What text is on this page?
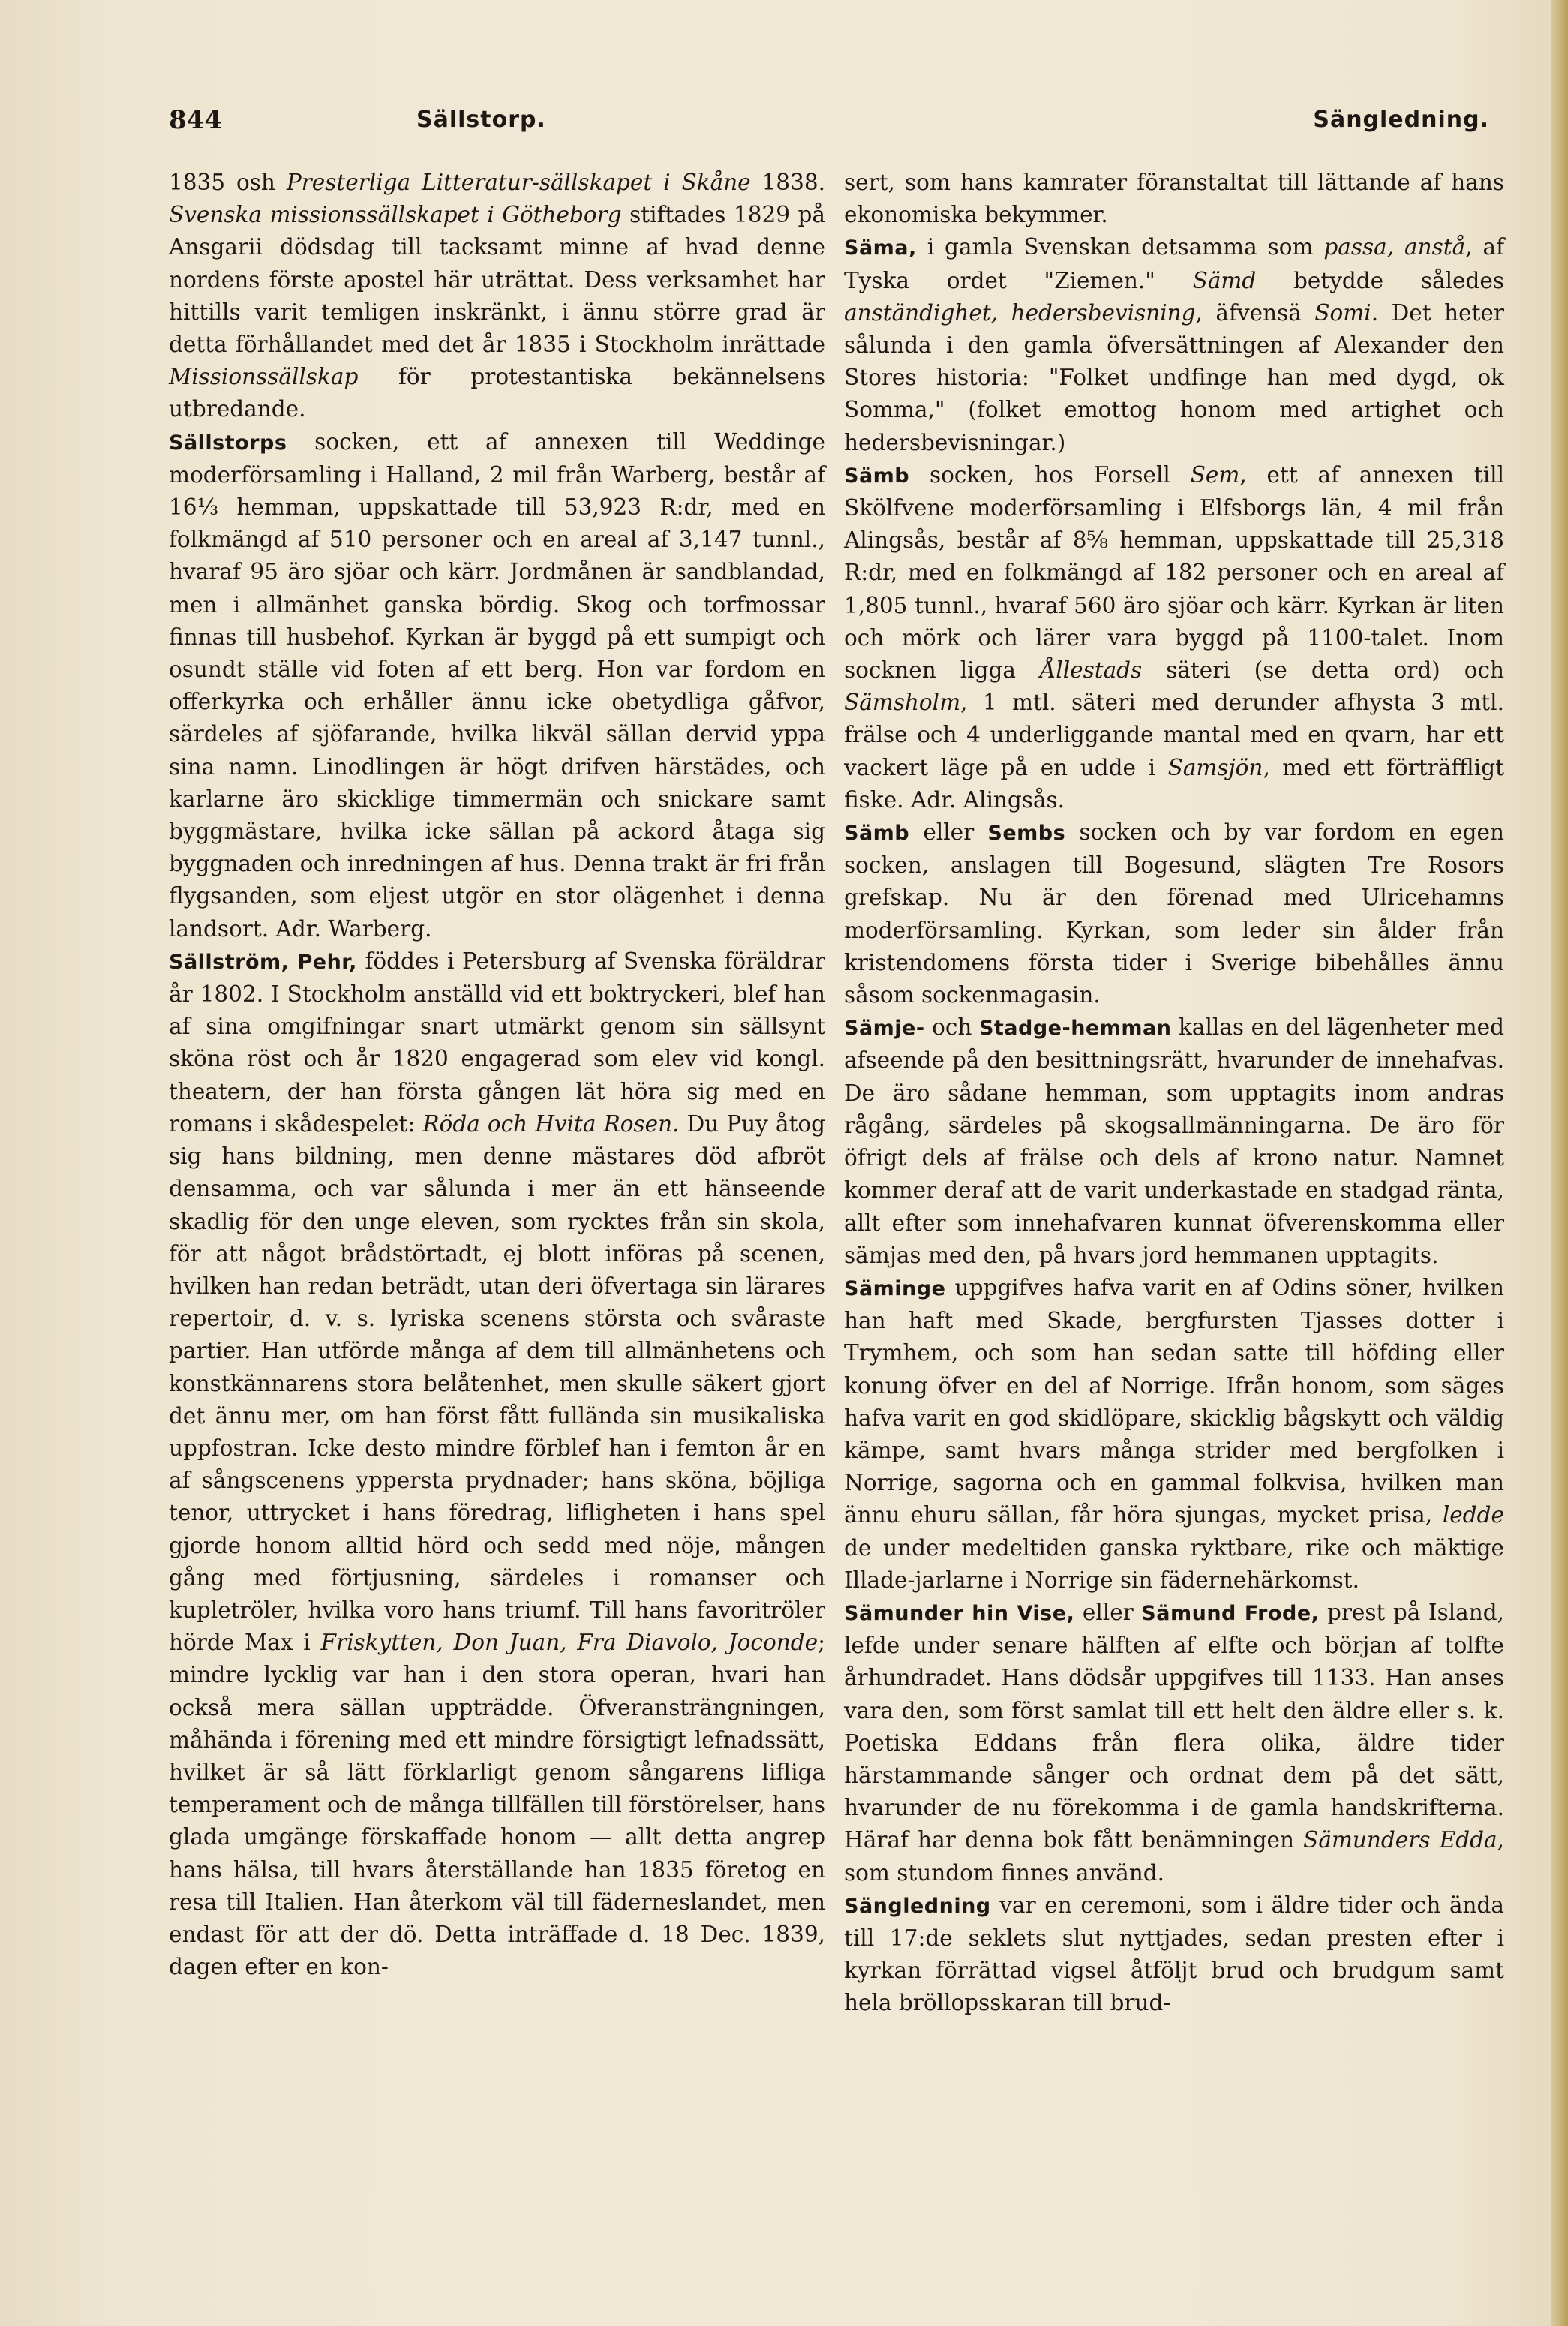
844	Sällstorp.	Sängledning.

1835 osh Presterliga Litteratur-sällskapet i Skåne 1838. Svenska missionssällskapet i Götheborg stiftades 1829 på Ansgarii dödsdag till tacksamt minne af hvad denne nordens förste apostel här uträttat. Dess verksamhet har hittills varit temligen inskränkt, i ännu större grad är detta förhållandet med det år 1835 i Stockholm inrättade Missionssällskap för protestantiska bekännelsens utbredande.

Sällstorps socken, ett af annexen till Weddinge moderförsamling i Halland, 2 mil från Warberg, består af 16⅓ hemman, uppskattade till 53,923 R:dr, med en folkmängd af 510 personer och en areal af 3,147 tunnl., hvaraf 95 äro sjöar och kärr. Jordmånen är sandblandad, men i allmänhet ganska bördig. Skog och torfmossar finnas till husbehof. Kyrkan är byggd på ett sumpigt och osundt ställe vid foten af ett berg. Hon var fordom en offerkyrka och erhåller ännu icke obetydliga gåfvor, särdeles af sjöfarande, hvilka likväl sällan dervid yppa sina namn. Linodlingen är högt drifven härstädes, och karlarne äro skicklige timmermän och snickare samt byggmästare, hvilka icke sällan på ackord åtaga sig byggnaden och inredningen af hus. Denna trakt är fri från flygsanden, som eljest utgör en stor olägenhet i denna landsort. Adr. Warberg.

Sällström, Pehr, föddes i Petersburg af Svenska föräldrar år 1802. I Stockholm anställd vid ett boktryckeri, blef han af sina omgifningar snart utmärkt genom sin sällsynt sköna röst och år 1820 engagerad som elev vid kongl. theatern, der han första gången lät höra sig med en romans i skådespelet: Röda och Hvita Rosen. Du Puy åtog sig hans bildning, men denne mästares död afbröt densamma, och var sålunda i mer än ett hänseende skadlig för den unge eleven, som rycktes från sin skola, för att något brådstörtadt, ej blott införas på scenen, hvilken han redan beträdt, utan deri öfvertaga sin lärares repertoir, d. v. s. lyriska scenens största och svåraste partier. Han utförde många af dem till allmänhetens och konstkännarens stora belåtenhet, men skulle säkert gjort det ännu mer, om han först fått fullända sin musikaliska uppfostran. Icke desto mindre förblef han i femton år en af sångscenens yppersta prydnader; hans sköna, böjliga tenor, uttrycket i hans föredrag, lifligheten i hans spel gjorde honom alltid hörd och sedd med nöje, mången gång med förtjusning, särdeles i romanser och kupletröler, hvilka voro hans triumf. Till hans favoritröler hörde Max i Friskytten, Don Juan, Fra Diavolo, Joconde; mindre lycklig var han i den stora operan, hvari han också mera sällan uppträdde. Öfveransträngningen, måhända i förening med ett mindre försigtigt lefnadssätt, hvilket är så lätt förklarligt genom sångarens lifliga temperament och de många tillfällen till förstörelser, hans glada umgänge förskaffade honom — allt detta angrep hans hälsa, till hvars återställande han 1835 företog en resa till Italien. Han återkom väl till fäderneslandet, men endast för att der dö. Detta inträffade d. 18 Dec. 1839, dagen efter en kon-

sert, som hans kamrater föranstaltat till lättande af hans ekonomiska bekymmer.

Säma, i gamla Svenskan detsamma som passa, anstå, af Tyska ordet "Ziemen." Sämd betydde således anständighet, hedersbevisning, äfvensä Somi. Det heter sålunda i den gamla öfversättningen af Alexander den Stores historia: "Folket undfinge han med dygd, ok Somma," (folket emottog honom med artighet och hedersbevisningar.)

Sämb socken, hos Forsell Sem, ett af annexen till Skölfvene moderförsamling i Elfsborgs län, 4 mil från Alingsås, består af 8⅝ hemman, uppskattade till 25,318 R:dr, med en folkmängd af 182 personer och en areal af 1,805 tunnl., hvaraf 560 äro sjöar och kärr. Kyrkan är liten och mörk och lärer vara byggd på 1100-talet. Inom socknen ligga Ållestads säteri (se detta ord) och Sämsholm, 1 mtl. säteri med derunder afhysta 3 mtl. frälse och 4 underliggande mantal med en qvarn, har ett vackert läge på en udde i Samsjön, med ett förträffligt fiske. Adr. Alingsås.

Sämb eller Sembs socken och by var fordom en egen socken, anslagen till Bogesund, slägten Tre Rosors grefskap. Nu är den förenad med Ulricehamns moderförsamling. Kyrkan, som leder sin ålder från kristendomens första tider i Sverige bibehålles ännu såsom sockenmagasin.

Sämje- och Stadge-hemman kallas en del lägenheter med afseende på den besittningsrätt, hvarunder de innehafvas. De äro sådane hemman, som upptagits inom andras rågång, särdeles på skogsallmänningarna. De äro för öfrigt dels af frälse och dels af krono natur. Namnet kommer deraf att de varit underkastade en stadgad ränta, allt efter som innehafvaren kunnat öfverenskomma eller sämjas med den, på hvars jord hemmanen upptagits.

Säminge uppgifves hafva varit en af Odins söner, hvilken han haft med Skade, bergfursten Tjasses dotter i Trymhem, och som han sedan satte till höfding eller konung öfver en del af Norrige. Ifrån honom, som säges hafva varit en god skidlöpare, skicklig bågskytt och väldig kämpe, samt hvars många strider med bergfolken i Norrige, sagorna och en gammal folkvisa, hvilken man ännu ehuru sällan, får höra sjungas, mycket prisa, ledde de under medeltiden ganska ryktbare, rike och mäktige Illade-jarlarne i Norrige sin fädernehärkomst.

Sämunder hin Vise, eller Sämund Frode, prest på Island, lefde under senare hälften af elfte och början af tolfte århundradet. Hans dödsår uppgifves till 1133. Han anses vara den, som först samlat till ett helt den äldre eller s. k. Poetiska Eddans från flera olika, äldre tider härstammande sånger och ordnat dem på det sätt, hvarunder de nu förekomma i de gamla handskrifterna. Häraf har denna bok fått benämningen Sämunders Edda, som stundom finnes använd.

Sängledning var en ceremoni, som i äldre tider och ända till 17:de seklets slut nyttjades, sedan presten efter i kyrkan förrättad vigsel åtföljt brud och brudgum samt hela bröllopsskaran till brud-
